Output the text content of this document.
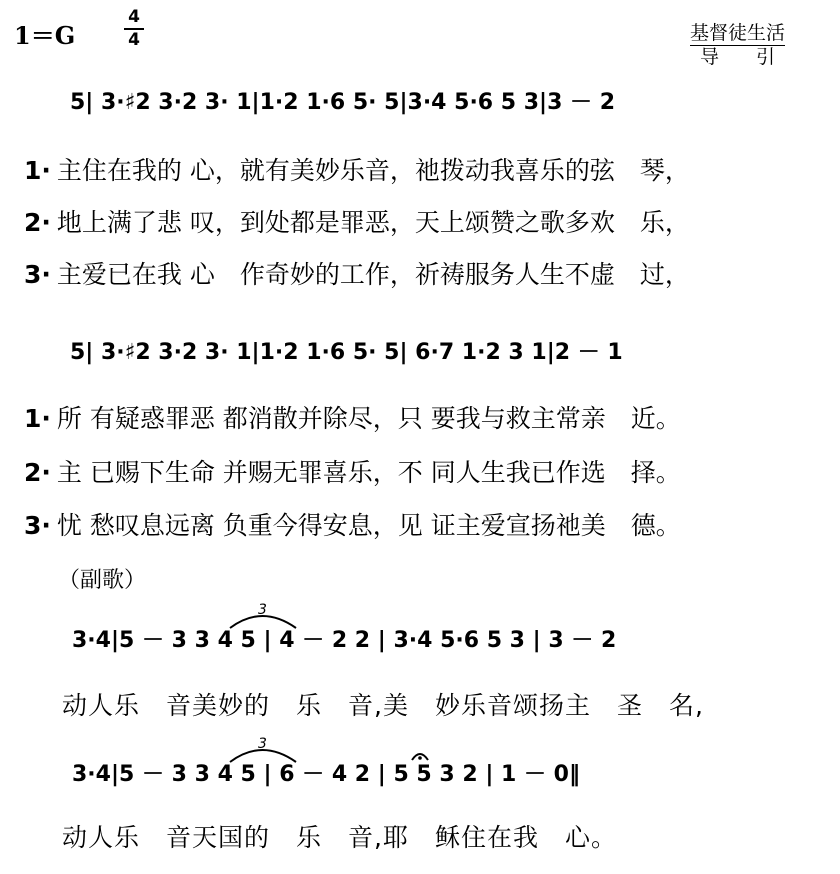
1＝G
4
4	基督徒生活
导 引
5| 3·♯2 3·2 3· 1|1·2 1·6 5· 5|3·4 5·6 5 3|3 － 2
1· 主住在我的 心，就有美妙乐音，祂拨动我喜乐的弦　琴，
2· 地上满了悲 叹，到处都是罪恶，天上颂赞之歌多欢　乐，
3· 主爱已在我 心　作奇妙的工作，祈祷服务人生不虚　过，
5| 3·♯2 3·2 3· 1|1·2 1·6 5· 5| 6·7 1·2 3 1|2 － 1
1· 所 有疑惑罪恶 都消散并除尽，只 要我与救主常亲　近。
2· 主 已赐下生命 并赐无罪喜乐，不 同人生我已作选　择。
3· 忧 愁叹息远离 负重今得安息，见 证主爱宣扬祂美　德。
（副歌）
3·4|5 － 3 3 4 5 | 4 － 2 2 | 3·4 5·6 5 3 | 3 － 2
动人乐　音美妙的　乐　音,美　妙乐音颂扬主　圣　名,
3·4|5 － 3 3 4 5 | 6 － 4 2 | 5 5 3 2 | 1 － 0‖
动人乐　音天国的　乐　音,耶　稣住在我　心。
3
3
